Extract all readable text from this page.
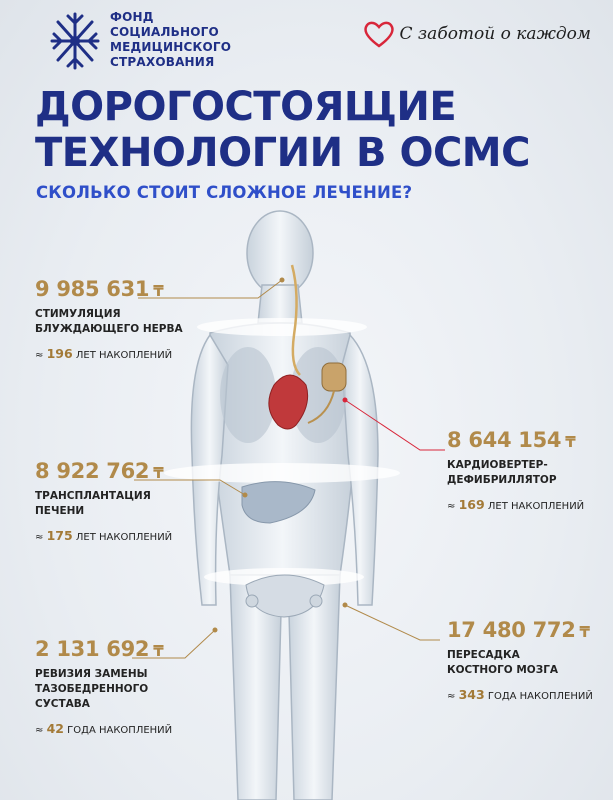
ФОНД
СОЦИАЛЬНОГО
МЕДИЦИНСКОГО
СТРАХОВАНИЯ
С заботой о каждом
ДОРОГОСТОЯЩИЕ
ТЕХНОЛОГИИ В ОСМС
СКОЛЬКО СТОИТ СЛОЖНОЕ ЛЕЧЕНИЕ?
9 985 631 ₸
СТИМУЛЯЦИЯ
БЛУЖДАЮЩЕГО НЕРВА
≈ 196 ЛЕТ НАКОПЛЕНИЙ
8 922 762 ₸
ТРАНСПЛАНТАЦИЯ
ПЕЧЕНИ
≈ 175 ЛЕТ НАКОПЛЕНИЙ
2 131 692 ₸
РЕВИЗИЯ ЗАМЕНЫ
ТАЗОБЕДРЕННОГО
СУСТАВА
≈ 42 ГОДА НАКОПЛЕНИЙ
8 644 154 ₸
КАРДИОВЕРТЕР-
ДЕФИБРИЛЛЯТОР
≈ 169 ЛЕТ НАКОПЛЕНИЙ
17 480 772 ₸
ПЕРЕСАДКА
КОСТНОГО МОЗГА
≈ 343 ГОДА НАКОПЛЕНИЙ
